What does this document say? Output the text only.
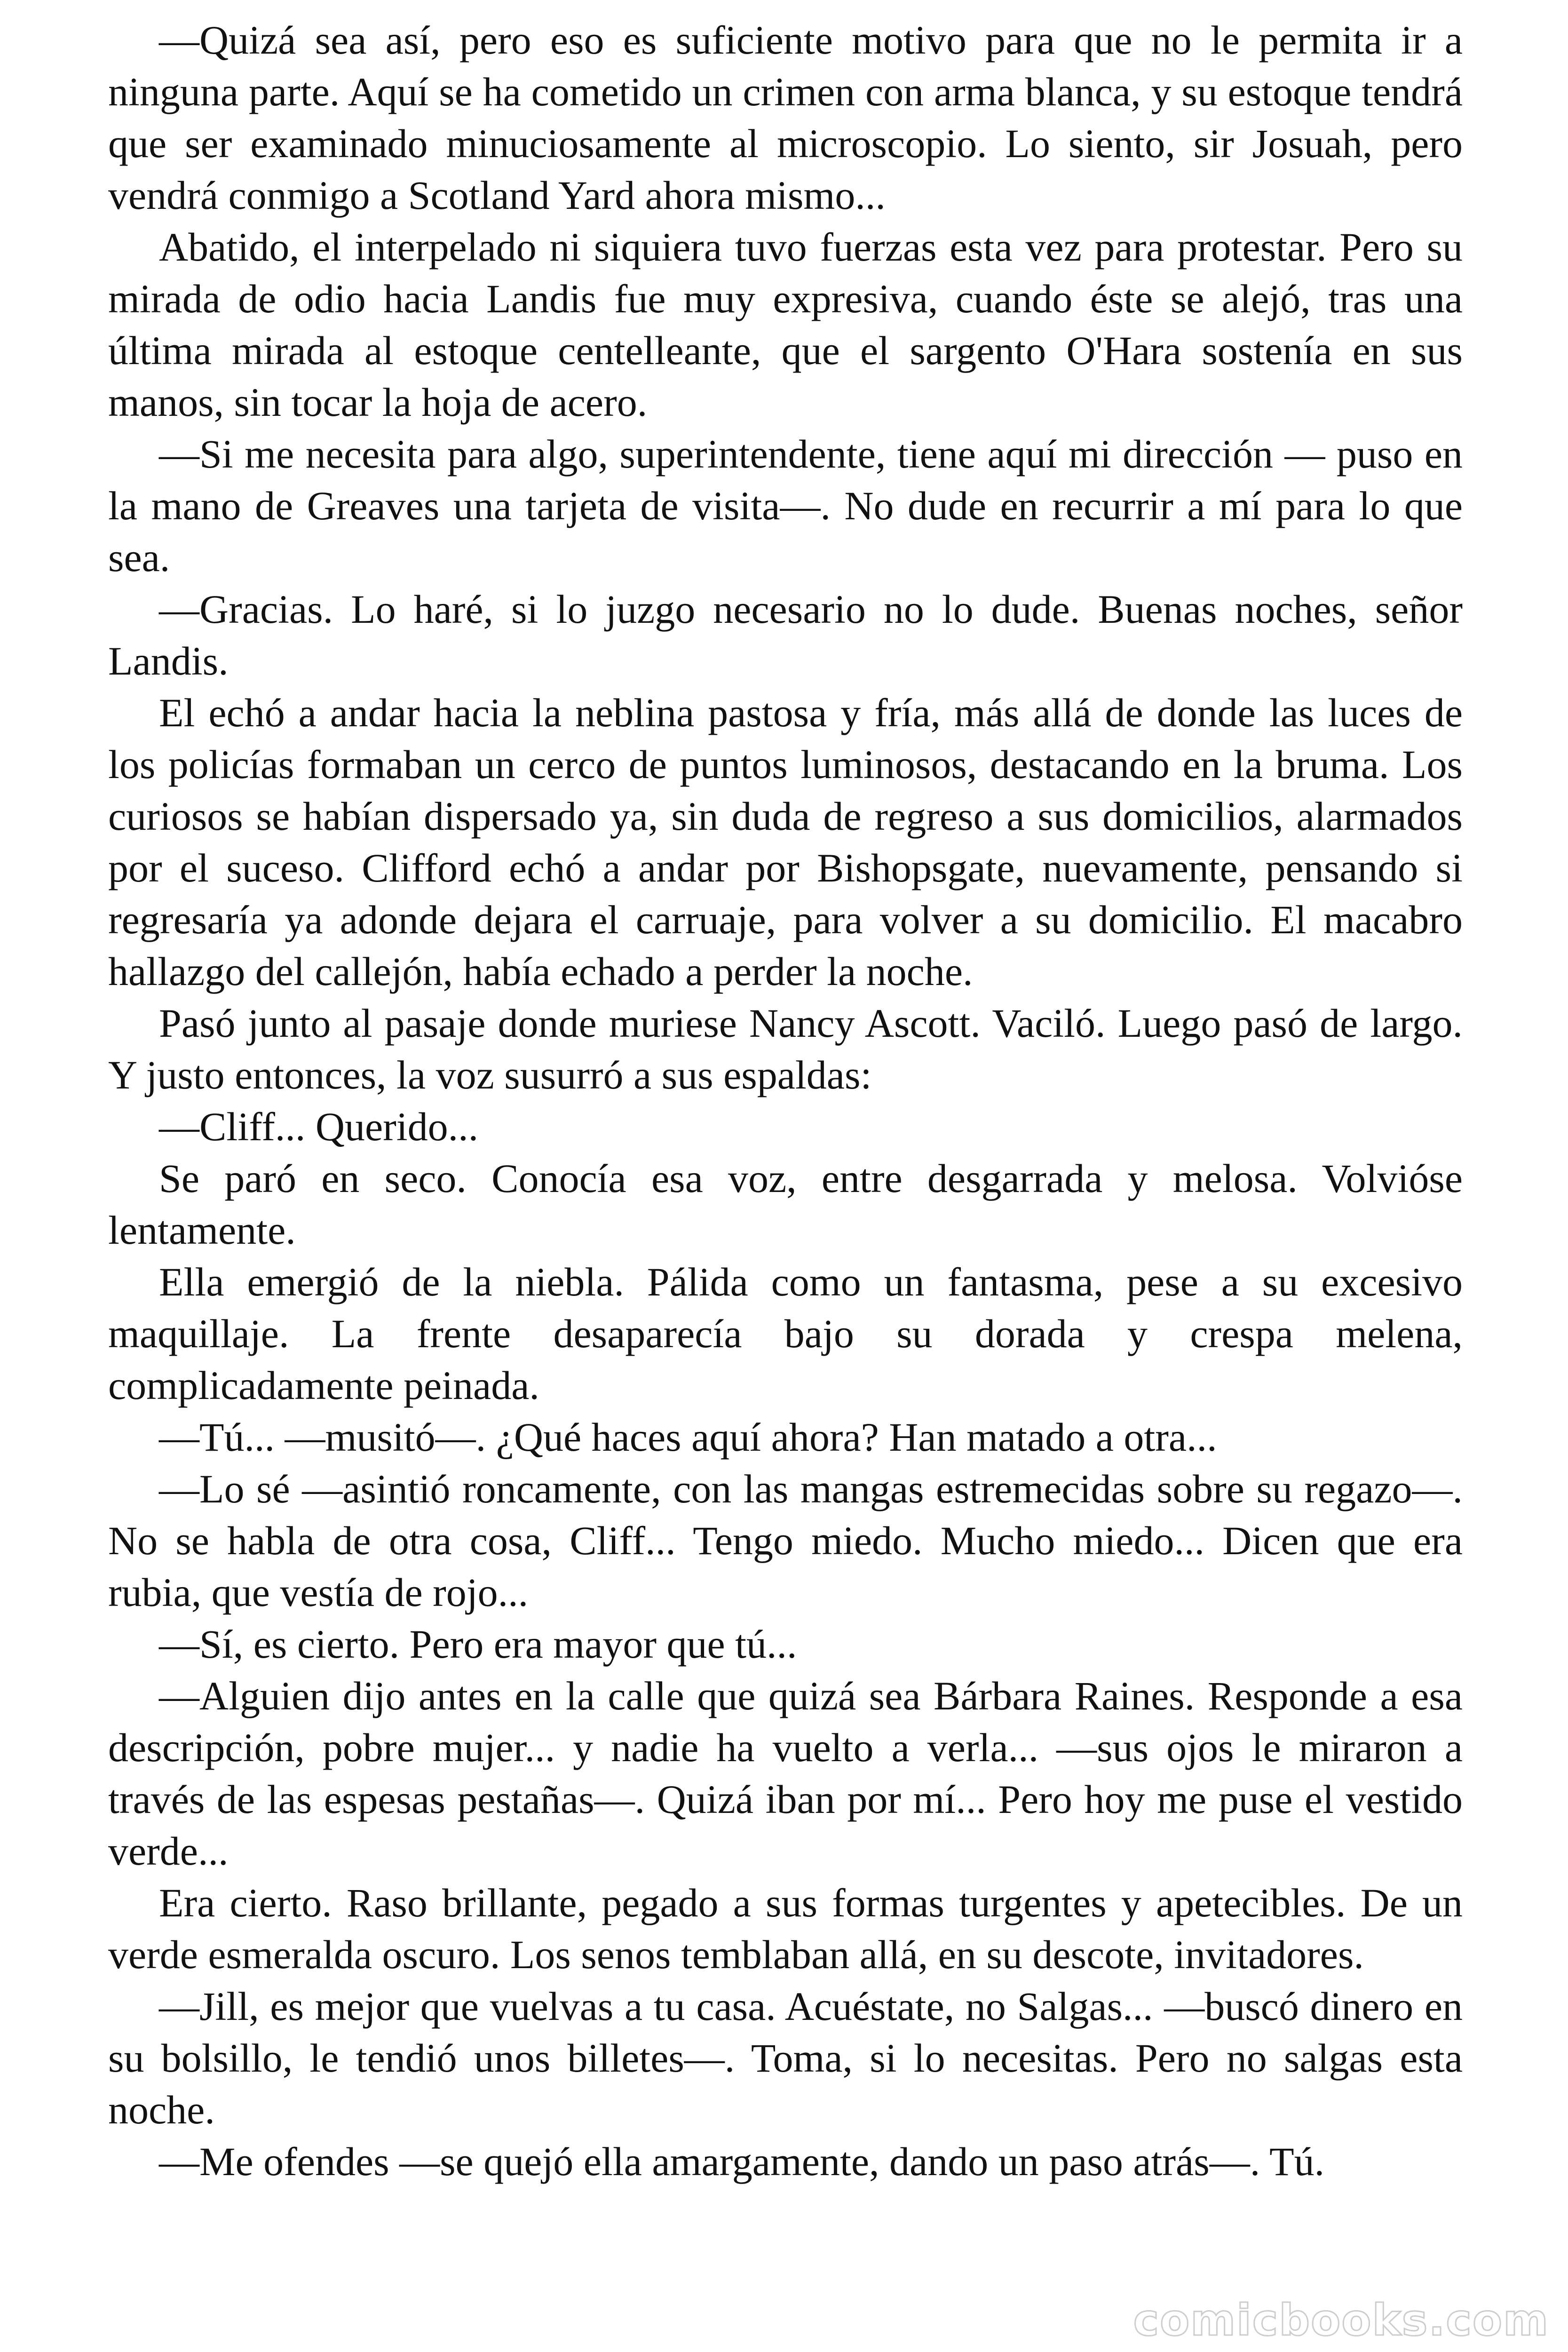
—Quizá sea así, pero eso es suficiente motivo para que no le permita ir a ninguna parte. Aquí se ha cometido un crimen con arma blanca, y su estoque tendrá que ser examinado minuciosamente al microscopio. Lo siento, sir Josuah, pero vendrá conmigo a Scotland Yard ahora mismo...

Abatido, el interpelado ni siquiera tuvo fuerzas esta vez para protestar. Pero su mirada de odio hacia Landis fue muy expresiva, cuando éste se alejó, tras una última mirada al estoque centelleante, que el sargento O'Hara sostenía en sus manos, sin tocar la hoja de acero.

—Si me necesita para algo, superintendente, tiene aquí mi dirección — puso en la mano de Greaves una tarjeta de visita—. No dude en recurrir a mí para lo que sea.

—Gracias. Lo haré, si lo juzgo necesario no lo dude. Buenas noches, señor Landis.

El echó a andar hacia la neblina pastosa y fría, más allá de donde las luces de los policías formaban un cerco de puntos luminosos, destacando en la bruma. Los curiosos se habían dispersado ya, sin duda de regreso a sus domicilios, alarmados por el suceso. Clifford echó a andar por Bishopsgate, nuevamente, pensando si regresaría ya adonde dejara el carruaje, para volver a su domicilio. El macabro hallazgo del callejón, había echado a perder la noche.

Pasó junto al pasaje donde muriese Nancy Ascott. Vaciló. Luego pasó de largo. Y justo entonces, la voz susurró a sus espaldas:

—Cliff... Querido...

Se paró en seco. Conocía esa voz, entre desgarrada y melosa. Volvióse lentamente.

Ella emergió de la niebla. Pálida como un fantasma, pese a su excesivo maquillaje. La frente desaparecía bajo su dorada y crespa melena, complicadamente peinada.

—Tú... —musitó—. ¿Qué haces aquí ahora? Han matado a otra...

—Lo sé —asintió roncamente, con las mangas estremecidas sobre su regazo—. No se habla de otra cosa, Cliff... Tengo miedo. Mucho miedo... Dicen que era rubia, que vestía de rojo...

—Sí, es cierto. Pero era mayor que tú...

—Alguien dijo antes en la calle que quizá sea Bárbara Raines. Responde a esa descripción, pobre mujer... y nadie ha vuelto a verla... —sus ojos le miraron a través de las espesas pestañas—. Quizá iban por mí... Pero hoy me puse el vestido verde...

Era cierto. Raso brillante, pegado a sus formas turgentes y apetecibles. De un verde esmeralda oscuro. Los senos temblaban allá, en su descote, invitadores.

—Jill, es mejor que vuelvas a tu casa. Acuéstate, no Salgas... —buscó dinero en su bolsillo, le tendió unos billetes—. Toma, si lo necesitas. Pero no salgas esta noche.

—Me ofendes —se quejó ella amargamente, dando un paso atrás—. Tú.

comicbooks.com
